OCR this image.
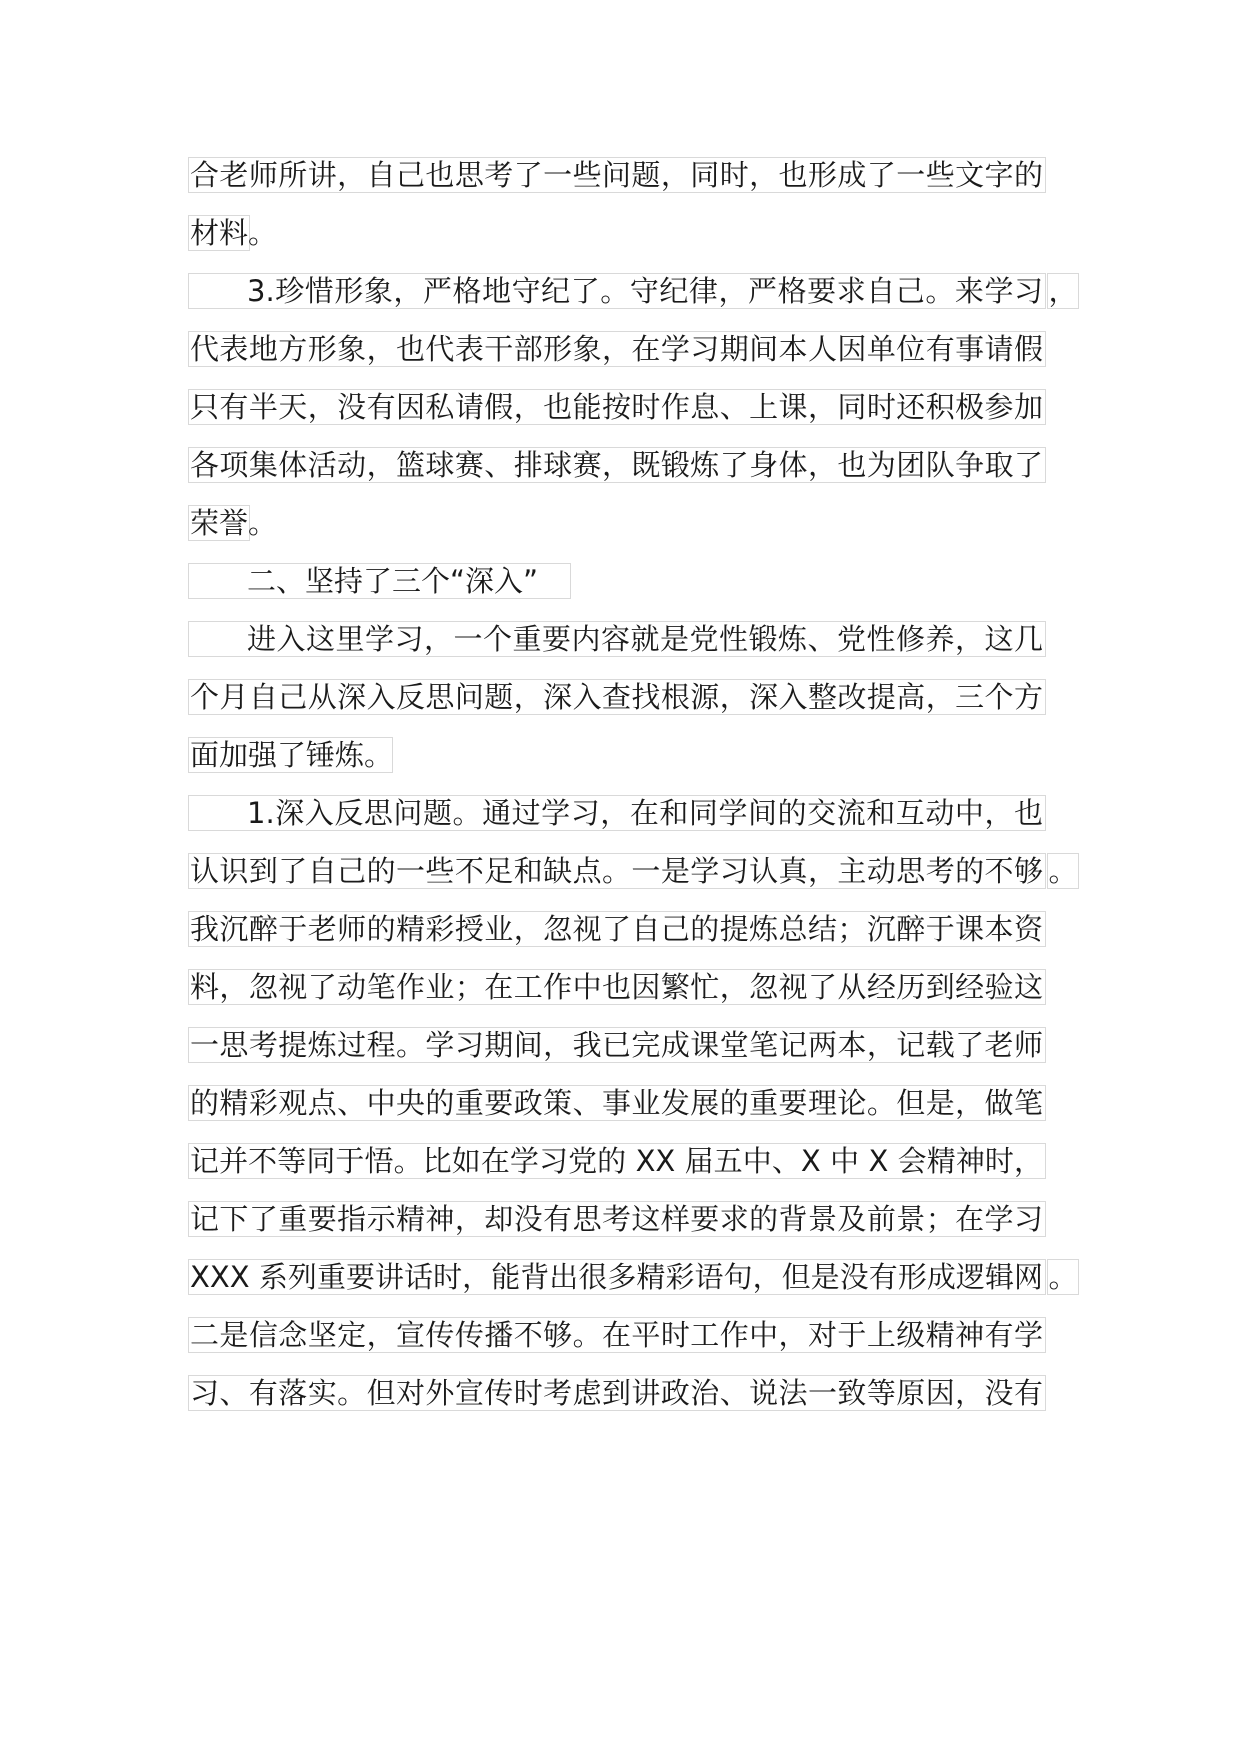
合老师所讲，自己也思考了一些问题，同时，也形成了一些文字的
材料。
3.珍惜形象，严格地守纪了。守纪律，严格要求自己。来学习 ，
代表地方形象，也代表干部形象，在学习期间本人因单位有事请假
只有半天，没有因私请假，也能按时作息、上课，同时还积极参加
各项集体活动，篮球赛、排球赛，既锻炼了身体，也为团队争取了
荣誉。
二、坚持了三个“深入”
进入这里学习，一个重要内容就是党性锻炼、党性修养，这几
个月自己从深入反思问题，深入查找根源，深入整改提高，三个方
面加强了锤炼。
1.深入反思问题。通过学习，在和同学间的交流和互动中，也
认识到了自己的一些不足和缺点。一是学习认真，主动思考的不够 。
我沉醉于老师的精彩授业，忽视了自己的提炼总结；沉醉于课本资
料，忽视了动笔作业；在工作中也因繁忙，忽视了从经历到经验这
一思考提炼过程。学习期间，我已完成课堂笔记两本，记载了老师
的精彩观点、中央的重要政策、事业发展的重要理论。但是，做笔
记并不等同于悟。比如在学习党的 XX 届五中、X 中 X 会精神时，
记下了重要指示精神，却没有思考这样要求的背景及前景；在学习
XXX 系列重要讲话时，能背出很多精彩语句，但是没有形成逻辑网 。
二是信念坚定，宣传传播不够。在平时工作中，对于上级精神有学
习、有落实。但对外宣传时考虑到讲政治、说法一致等原因，没有
